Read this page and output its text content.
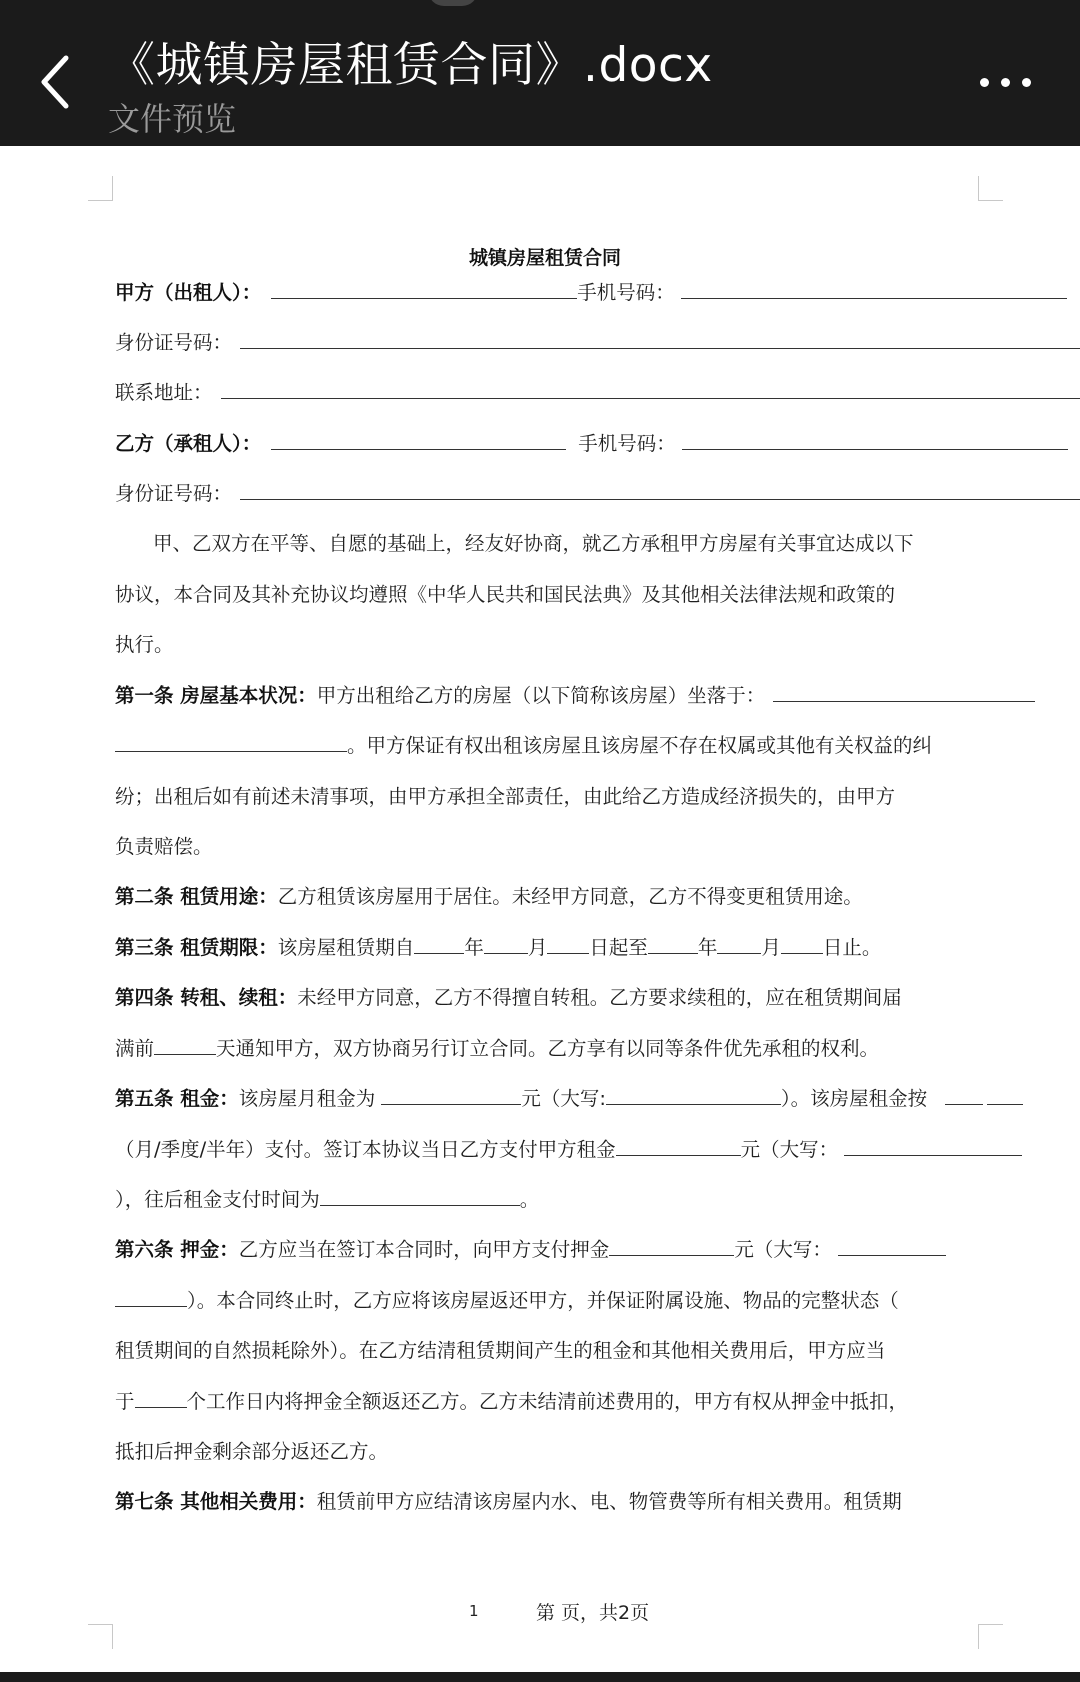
《城镇房屋租赁合同》.docx
文件预览
城镇房屋租赁合同
甲方（出租人）：	手机号码：
身份证号码：
联系地址：
乙方（承租人）：	手机号码：
身份证号码：
甲、乙双方在平等、自愿的基础上，经友好协商，就乙方承租甲方房屋有关事宜达成以下
协议，本合同及其补充协议均遵照《中华人民共和国民法典》及其他相关法律法规和政策的
执行。
第一条 房屋基本状况：甲方出租给乙方的房屋（以下简称该房屋）坐落于：
。甲方保证有权出租该房屋且该房屋不存在权属或其他有关权益的纠
纷；出租后如有前述未清事项，由甲方承担全部责任，由此给乙方造成经济损失的，由甲方
负责赔偿。
第二条 租赁用途：乙方租赁该房屋用于居住。未经甲方同意，乙方不得变更租赁用途。
第三条 租赁期限：该房屋租赁期自	年 月 日起至	年 月 日止。
第四条 转租、续租：未经甲方同意，乙方不得擅自转租。乙方要求续租的，应在租赁期间届
满前	天通知甲方，双方协商另行订立合同。乙方享有以同等条件优先承租的权利。
第五条 租金：该房屋月租金为	元（大写:	）。该房屋租金按
（月/季度/半年）支付。签订本协议当日乙方支付甲方租金	元（大写：
），往后租金支付时间为	。
第六条 押金：乙方应当在签订本合同时，向甲方支付押金	元（大写：
）。本合同终止时，乙方应将该房屋返还甲方，并保证附属设施、物品的完整状态（
租赁期间的自然损耗除外）。在乙方结清租赁期间产生的租金和其他相关费用后，甲方应当
于	个工作日内将押金全额返还乙方。乙方未结清前述费用的，甲方有权从押金中抵扣，
抵扣后押金剩余部分返还乙方。
第七条 其他相关费用：租赁前甲方应结清该房屋内水、电、物管费等所有相关费用。租赁期
1	第 页，共2页
